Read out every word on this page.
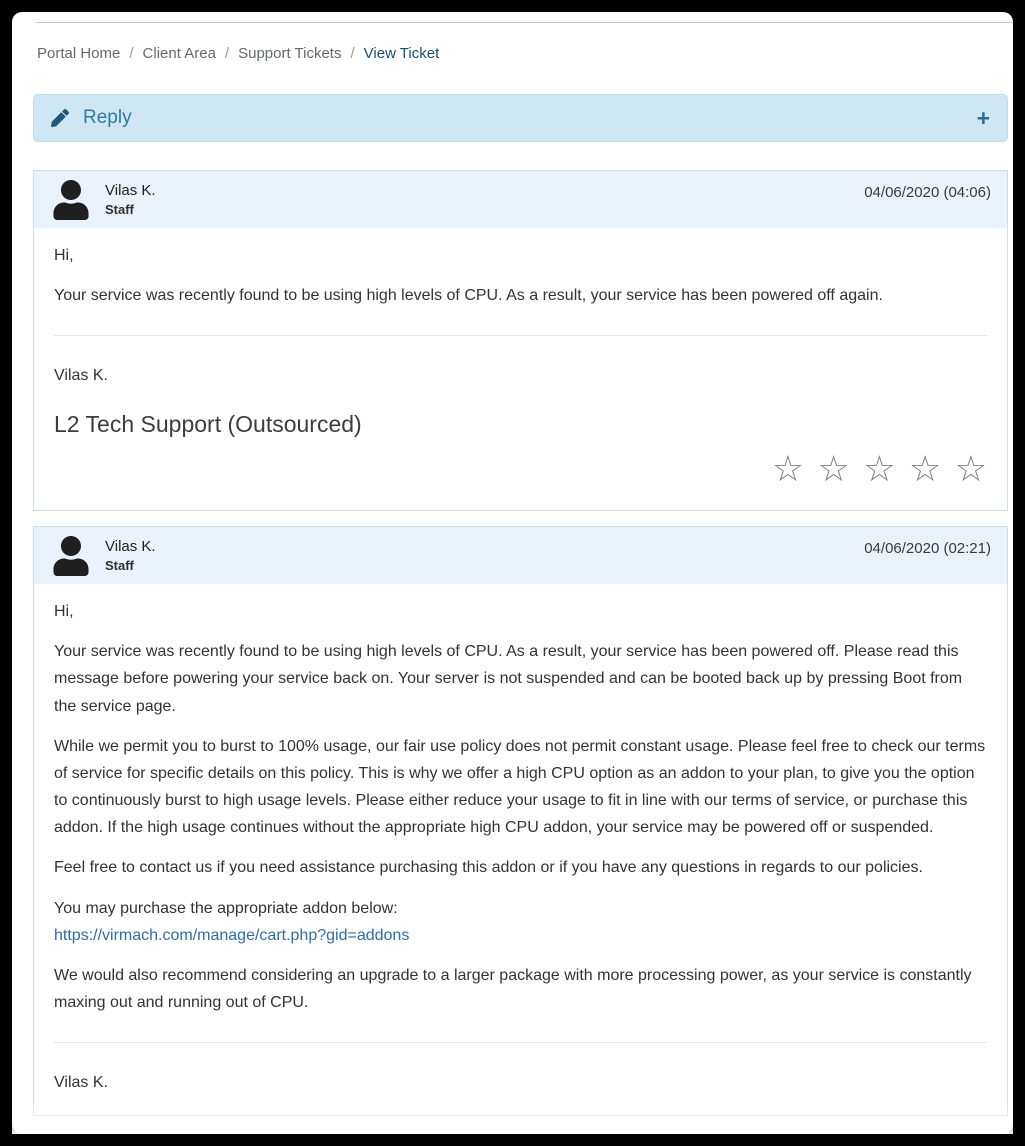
Portal Home / Client Area / Support Tickets / View Ticket
Reply	+
Vilas K.
Staff
04/06/2020 (04:06)

Hi,

Your service was recently found to be using high levels of CPU. As a result, your service has been powered off again.

Vilas K.

L2 Tech Support (Outsourced)
☆ ☆ ☆ ☆ ☆
Vilas K.
Staff
04/06/2020 (02:21)

Hi,

Your service was recently found to be using high levels of CPU. As a result, your service has been powered off. Please read this message before powering your service back on. Your server is not suspended and can be booted back up by pressing Boot from the service page.

While we permit you to burst to 100% usage, our fair use policy does not permit constant usage. Please feel free to check our terms of service for specific details on this policy. This is why we offer a high CPU option as an addon to your plan, to give you the option to continuously burst to high usage levels. Please either reduce your usage to fit in line with our terms of service, or purchase this addon. If the high usage continues without the appropriate high CPU addon, your service may be powered off or suspended.

Feel free to contact us if you need assistance purchasing this addon or if you have any questions in regards to our policies.

You may purchase the appropriate addon below:
https://virmach.com/manage/cart.php?gid=addons

We would also recommend considering an upgrade to a larger package with more processing power, as your service is constantly maxing out and running out of CPU.

Vilas K.
